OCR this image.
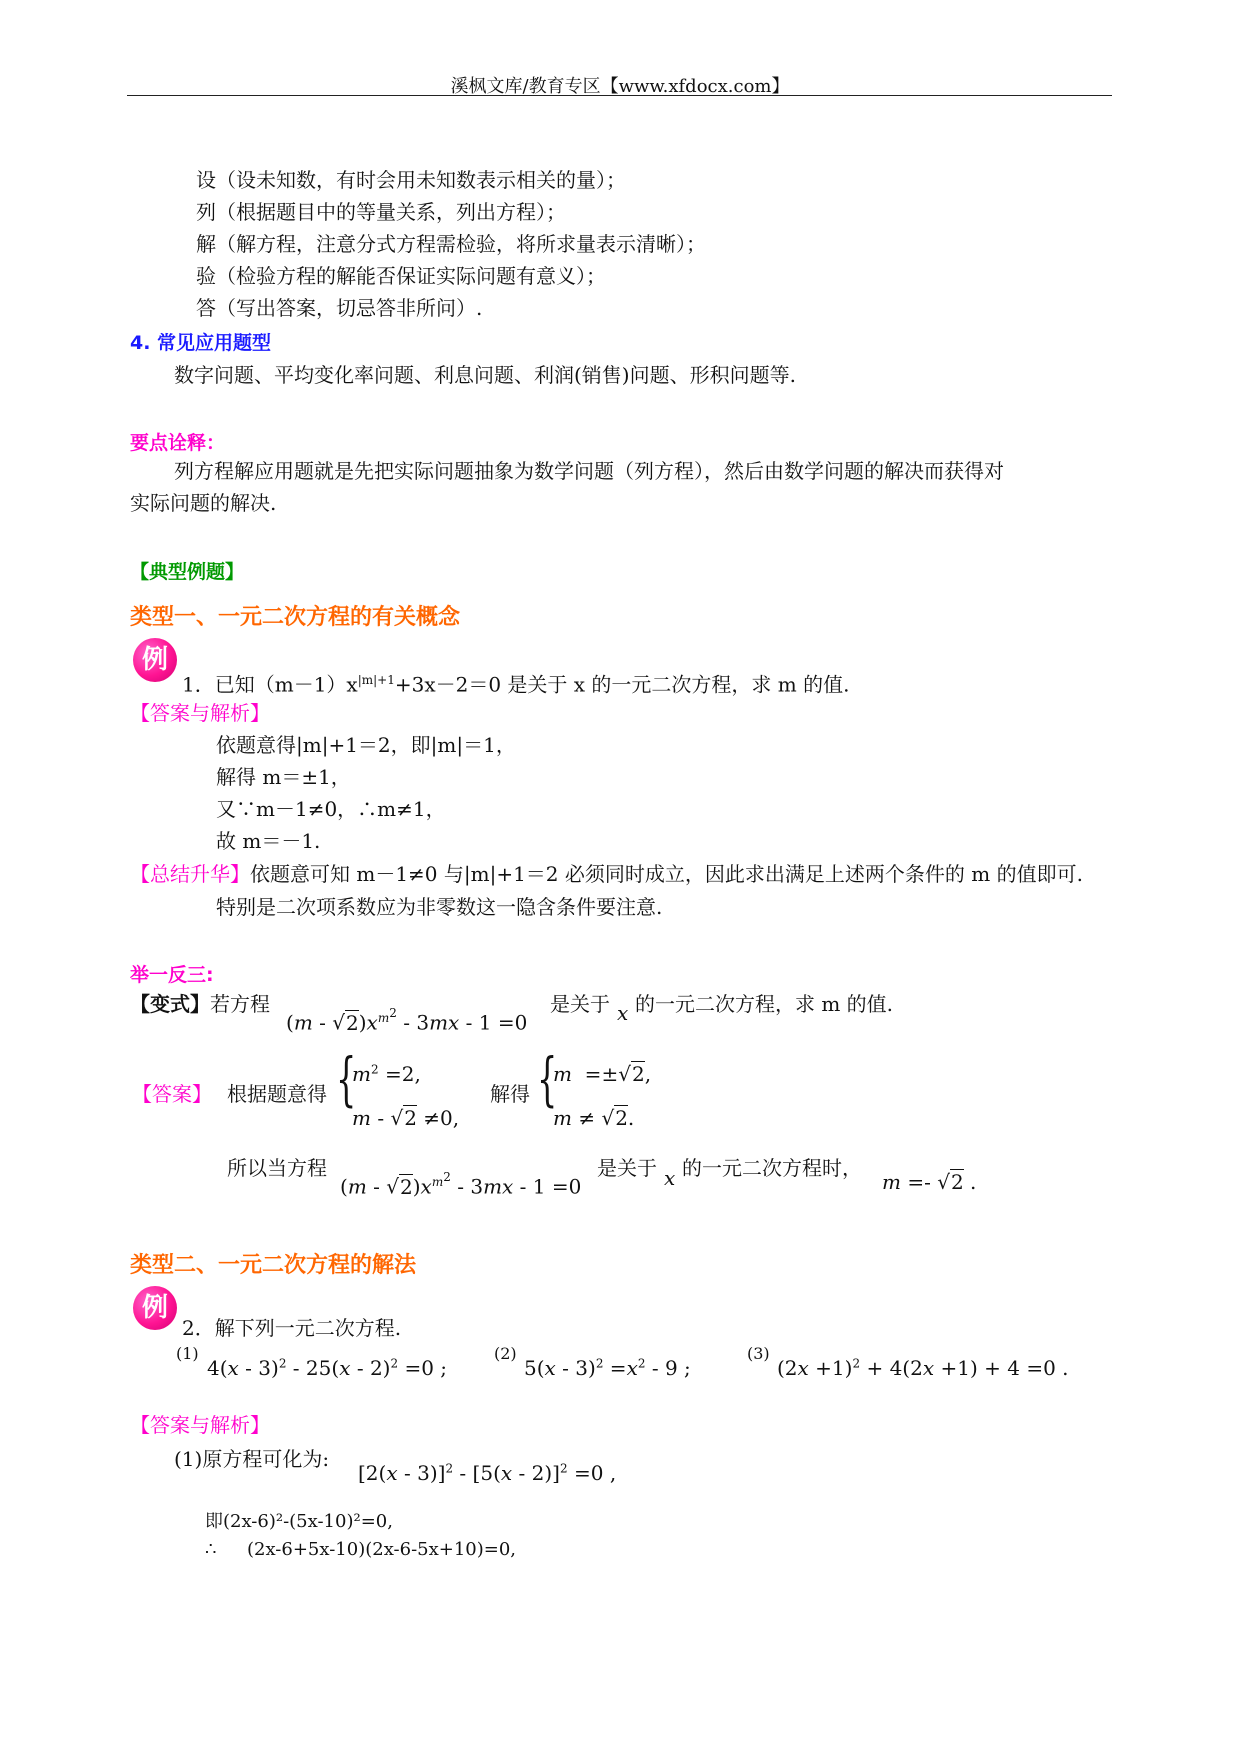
溪枫文库/教育专区【www.xfdocx.com】
设（设未知数，有时会用未知数表示相关的量）；
列（根据题目中的等量关系，列出方程）；
解（解方程，注意分式方程需检验，将所求量表示清晰）；
验（检验方程的解能否保证实际问题有意义）；
答（写出答案，切忌答非所问）.
4. 常见应用题型
数字问题、平均变化率问题、利息问题、利润(销售)问题、形积问题等.
要点诠释：
列方程解应用题就是先把实际问题抽象为数学问题（列方程），然后由数学问题的解决而获得对
实际问题的解决.
【典型例题】
类型一、一元二次方程的有关概念
例
1．已知$(m-1)x^{|m|+1}+3x-2=0$ 是关于 x 的一元二次方程，求 m 的值.
【答案与解析】
依题意得|m|+1＝2，即|m|＝1，
解得 m＝±1，
又∵m－1≠0，∴m≠1，
故 m＝－1.
【总结升华】依题意可知 m－1≠0 与|m|+1＝2 必须同时成立，因此求出满足上述两个条件的 m 的值即可.
特别是二次项系数应为非零数这一隐含条件要注意.
举一反三:
【变式】若方程
$(m - √2)x^{m^2} - 3mx - 1 =0$
是关于 x 的一元二次方程，求 m 的值.
【答案】 根据题意得 {
$m^2 =2$,
m - √2 ≠0,
解得 {
m  =±√2,
m ≠ √2.
所以当方程
$(m - √2)x^{m^2} - 3mx - 1 =0$
是关于 x 的一元二次方程时，
m =- √2 .
类型二、一元二次方程的解法
例
2．解下列一元二次方程.
(1)
4(x - 3)$^2$ - 25(x - 2)$^2$ =0 ;
(2)
$5(x - 3)^2 =x^2 - 9$ ;
(3)
$(2x +1)^2 + 4(2x +1) + 4 =0$ .
【答案与解析】
(1)原方程可化为:
[2(x - 3)]$^2$ - [5(x - 2)]$^2$ =0 ,
即(2x-6)²-(5x-10)²=0,
∴ (2x-6+5x-10)(2x-6-5x+10)=0,
